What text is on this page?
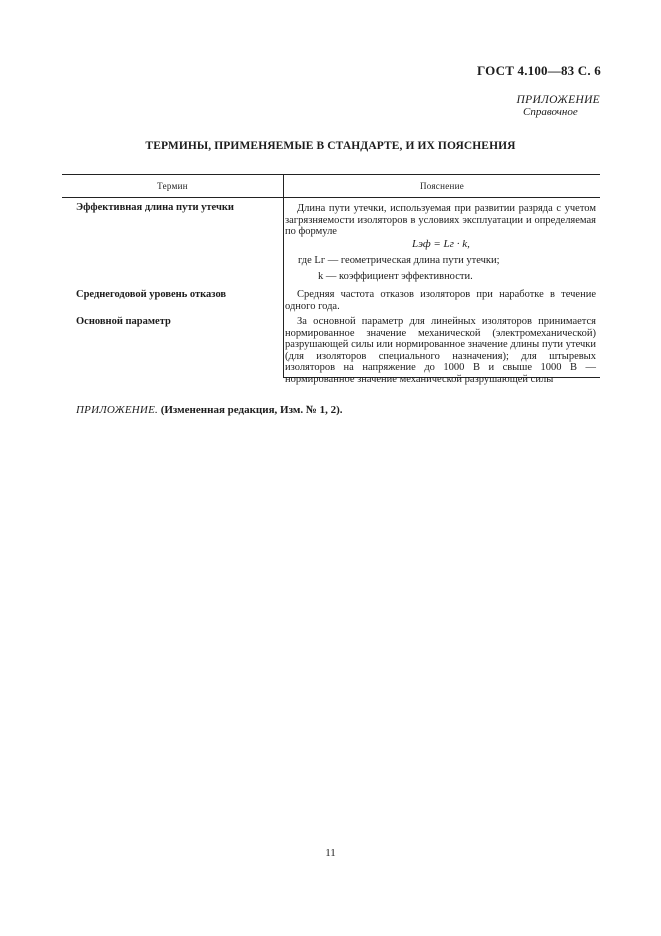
ГОСТ 4.100—83 С. 6
ПРИЛОЖЕНИЕ
Справочное
ТЕРМИНЫ, ПРИМЕНЯЕМЫЕ В СТАНДАРТЕ, И ИХ ПОЯСНЕНИЯ
Термин	Пояснение
Эффективная длина пути утечки	Длина пути утечки, используемая при развитии разряда с учетом загрязняемости изоляторов в условиях эксплуатации и определяемая по формуле
Lэф = Lг · k,
где Lг — геометрическая длина пути утечки;
k — коэффициент эффективности.
Среднегодовой уровень отказов	Средняя частота отказов изоляторов при наработке в течение одного года.
Основной параметр	За основной параметр для линейных изоляторов принимается нормированное значение механической (электромеханической) разрушающей силы или нормированное значение длины пути утечки (для изоляторов специального назначения); для штыревых изоляторов на напряжение до 1000 В и свыше 1000 В — нормированное значение механической разрушающей силы
ПРИЛОЖЕНИЕ. (Измененная редакция, Изм. № 1, 2).
11
